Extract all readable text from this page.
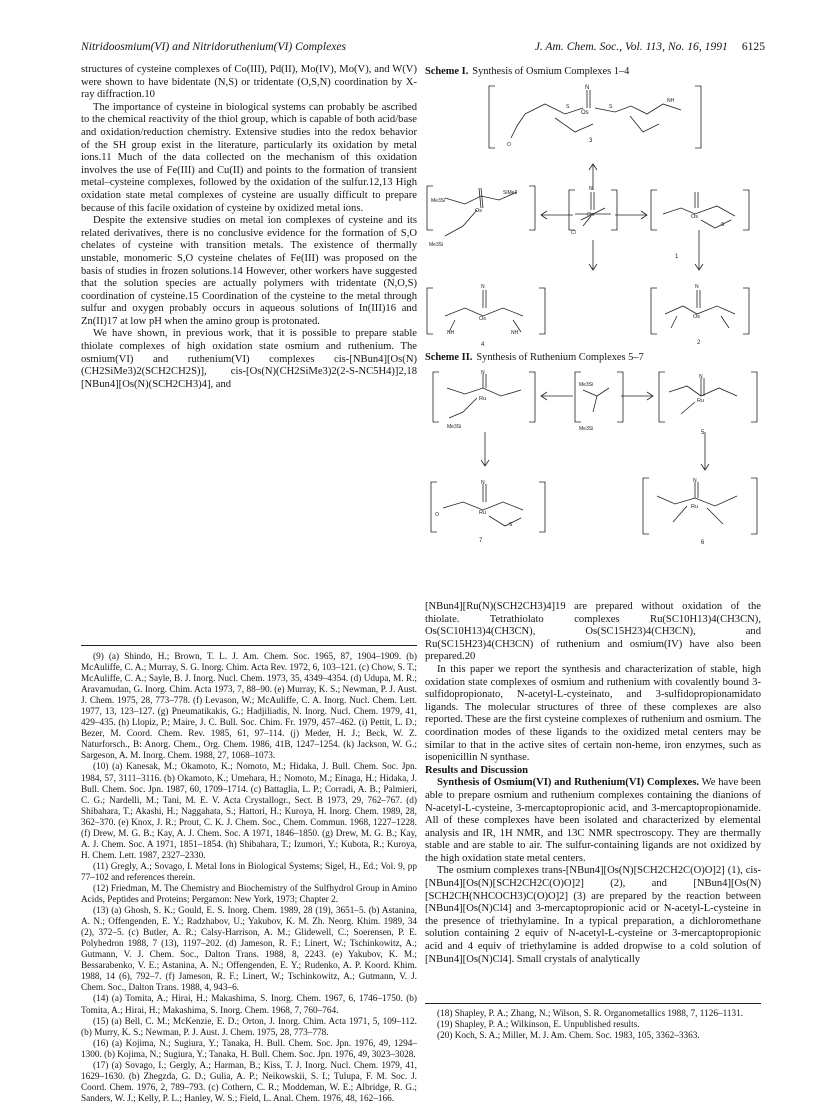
Nitridoosmium(VI) and Nitridoruthenium(VI) Complexes	J. Am. Chem. Soc., Vol. 113, No. 16, 1991 6125

structures of cysteine complexes of Co(III), Pd(II), Mo(IV), Mo(V), and W(V) were shown to have bidentate (N,S) or tridentate (O,S,N) coordination by X-ray diffraction.10

The importance of cysteine in biological systems can probably be ascribed to the chemical reactivity of the thiol group, which is capable of both acid/base and oxidation/reduction chemistry. Extensive studies into the redox behavior of the SH group exist in the literature, particularly its oxidation by metal ions.11 Much of the data collected on the mechanism of this oxidation involves the use of Fe(III) and Cu(II) and points to the formation of transient metal–cysteine complexes, followed by the oxidation of the sulfur.12,13 High oxidation state metal complexes of cysteine are usually difficult to prepare because of this facile oxidation of cysteine by oxidized metal ions.

Despite the extensive studies on metal ion complexes of cysteine and its related derivatives, there is no conclusive evidence for the formation of S,O chelates of cysteine with transition metals. The existence of thermally unstable, monomeric S,O cysteine chelates of Fe(III) was proposed on the basis of studies in frozen solutions.14 However, other workers have suggested that the solution species are actually polymers with tridentate (N,O,S) coordination of cysteine.15 Coordination of the cysteine to the metal through sulfur and oxygen probably occurs in aqueous solutions of In(III)16 and Zn(II)17 at low pH when the amino group is protonated.

We have shown, in previous work, that it is possible to prepare stable thiolate complexes of high oxidation state osmium and ruthenium. The osmium(VI) and ruthenium(VI) complexes cis-[NBun4][Os(N)(CH2SiMe3)2(SCH2CH2S)], cis-[Os(N)(CH2SiMe3)2(2-S-NC5H4)]2,18 [NBun4][Os(N)(SCH2CH3)4], and

(9) (a) Shindo, H.; Brown, T. L. J. Am. Chem. Soc. 1965, 87, 1904–1909. (b) McAuliffe, C. A.; Murray, S. G. Inorg. Chim. Acta Rev. 1972, 6, 103–121. (c) Chow, S. T.; McAuliffe, C. A.; Sayle, B. J. Inorg. Nucl. Chem. 1973, 35, 4349–4354. (d) Udupa, M. R.; Aravamudan, G. Inorg. Chim. Acta 1973, 7, 88–90. (e) Murray, K. S.; Newman, P. J. Aust. J. Chem. 1975, 28, 773–778. (f) Levason, W.; McAuliffe, C. A. Inorg. Nucl. Chem. Lett. 1977, 13, 123–127. (g) Pneumatikakis, G.; Hadjiliadis, N. Inorg. Nucl. Chem. 1979, 41, 429–435. (h) Llopiz, P.; Maire, J. C. Bull. Soc. Chim. Fr. 1979, 457–462. (i) Pettit, L. D.; Bezer, M. Coord. Chem. Rev. 1985, 61, 97–114. (j) Meder, H. J.; Beck, W. Z. Naturforsch., B: Anorg. Chem., Org. Chem. 1986, 41B, 1247–1254. (k) Jackson, W. G.; Sargeson, A. M. Inorg. Chem. 1988, 27, 1068–1073.

(10) (a) Kanesak, M.; Okamoto, K.; Nomoto, M.; Hidaka, J. Bull. Chem. Soc. Jpn. 1984, 57, 3111–3116. (b) Okamoto, K.; Umehara, H.; Nomoto, M.; Einaga, H.; Hidaka, J. Bull. Chem. Soc. Jpn. 1987, 60, 1709–1714. (c) Battaglia, L. P.; Corradi, A. B.; Palmieri, C. G.; Nardelli, M.; Tani, M. E. V. Acta Crystallogr., Sect. B 1973, 29, 762–767. (d) Shibahara, T.; Akashi, H.; Naggahata, S.; Hattori, H.; Kuroya, H. Inorg. Chem. 1989, 28, 362–370. (e) Knox, J. R.; Prout, C. K. J. Chem. Soc., Chem. Commun. 1968, 1227–1228. (f) Drew, M. G. B.; Kay, A. J. Chem. Soc. A 1971, 1846–1850. (g) Drew, M. G. B.; Kay, A. J. Chem. Soc. A 1971, 1851–1854. (h) Shibahara, T.; Izumori, Y.; Kubota, R.; Kuroya, H. Chem. Lett. 1987, 2327–2330.

(11) Gregly, A.; Sovago, I. Metal Ions in Biological Systems; Sigel, H., Ed.; Vol. 9, pp 77–102 and references therein.

(12) Friedman, M. The Chemistry and Biochemistry of the Sulfhydrol Group in Amino Acids, Peptides and Proteins; Pergamon: New York, 1973; Chapter 2.

(13) (a) Ghosh, S. K.; Gould, E. S. Inorg. Chem. 1989, 28 (19), 3651–5. (b) Astanina, A. N.; Offengenden, E. Y.; Radzhabov, U.; Yakubov, K. M. Zh. Neorg. Khim. 1989, 34 (2), 372–5. (c) Butler, A. R.; Calsy-Harrison, A. M.; Glidewell, C.; Soerensen, P. E. Polyhedron 1988, 7 (13), 1197–202. (d) Jameson, R. F.; Linert, W.; Tschinkowitz, A.; Gutmann, V. J. Chem. Soc., Dalton Trans. 1988, 8, 2243. (e) Yakubov, K. M.; Bessarabenko, V. E.; Astanina, A. N.; Offengenden, E. Y.; Rudenko, A. P. Koord. Khim. 1988, 14 (6), 792–7. (f) Jameson, R. F.; Linert, W.; Tschinkowitz, A.; Gutmann, V. J. Chem. Soc., Dalton Trans. 1988, 4, 943–6.

(14) (a) Tomita, A.; Hirai, H.; Makashima, S. Inorg. Chem. 1967, 6, 1746–1750. (b) Tomita, A.; Hirai, H.; Makashima, S. Inorg. Chem. 1968, 7, 760–764.

(15) (a) Bell, C. M.; McKenzie, E. D.; Orton, J. Inorg. Chim. Acta 1971, 5, 109–112. (b) Murry, K. S.; Newman, P. J. Aust. J. Chem. 1975, 28, 773–778.

(16) (a) Kojima, N.; Sugiura, Y.; Tanaka, H. Bull. Chem. Soc. Jpn. 1976, 49, 1294–1300. (b) Kojima, N.; Sugiura, Y.; Tanaka, H. Bull. Chem. Soc. Jpn. 1976, 49, 3023–3028.

(17) (a) Sovago, I.; Gergly, A.; Harman, B.; Kiss, T. J. Inorg. Nucl. Chem. 1979, 41, 1629–1630. (b) Zhegzda, G. D.; Gulia, A. P.; Neikowskii, S. I.; Tulupa, F. M. Soc. J. Coord. Chem. 1976, 2, 789–793. (c) Cothern, C. R.; Moddeman, W. E.; Albridge, R. G.; Sanders, W. J.; Kelly, P. L.; Hanley, W. S.; Field, L. Anal. Chem. 1976, 48, 162–166.

Scheme I. Synthesis of Osmium Complexes 1–4
Os
N
S	S
NH
O
3
Me3Si
SiMe3
Os
Me3Si
Os
N
Cl
Os
S
Os
N
NH	NH
4
Os
N
2
1
Scheme II. Synthesis of Ruthenium Complexes 5–7
Ru
N
Me3Si
Me3Si
Me3Si
Ru
N
5
Ru
N
O
S
7
Ru
N
6

[NBun4][Ru(N)(SCH2CH3)4]19 are prepared without oxidation of the thiolate. Tetrathiolato complexes Ru(SC10H13)4(CH3CN), Os(SC10H13)4(CH3CN), Os(SC15H23)4(CH3CN), and Ru(SC15H23)4(CH3CN) of ruthenium and osmium(IV) have also been prepared.20

In this paper we report the synthesis and characterization of stable, high oxidation state complexes of osmium and ruthenium with covalently bound 3-sulfidopropionato, N-acetyl-L-cysteinato, and 3-sulfidopropionamidato ligands. The molecular structures of three of these complexes are also reported. These are the first cysteine complexes of ruthenium and osmium. The coordination modes of these ligands to the oxidized metal centers may be similar to that in the active sites of certain non-heme, iron enzymes, such as isopenicillin N synthase.

Results and Discussion

Synthesis of Osmium(VI) and Ruthenium(VI) Complexes. We have been able to prepare osmium and ruthenium complexes containing the dianions of N-acetyl-L-cysteine, 3-mercaptopropionic acid, and 3-mercaptopropionamide. All of these complexes have been isolated and characterized by elemental analysis and IR, 1H NMR, and 13C NMR spectroscopy. They are thermally stable and are stable to air. The sulfur-containing ligands are not oxidized by the high oxidation state metal centers.

The osmium complexes trans-[NBun4][Os(N)[SCH2CH2C(O)O]2] (1), cis-[NBun4][Os(N)[SCH2CH2C(O)O]2] (2), and [NBun4][Os(N)[SCH2CH(NHCOCH3)C(O)O]2] (3) are prepared by the reaction between [NBun4][Os(N)Cl4] and 3-mercaptopropionic acid or N-acetyl-L-cysteine in the presence of triethylamine. In a typical preparation, a dichloromethane solution containing 2 equiv of N-acetyl-L-cysteine or 3-mercaptopropionic acid and 4 equiv of triethylamine is added dropwise to a cold solution of [NBun4][Os(N)Cl4]. Small crystals of analytically

(18) Shapley, P. A.; Zhang, N.; Wilson, S. R. Organometallics 1988, 7, 1126–1131.

(19) Shapley, P. A.; Wilkinson, E. Unpublished results.

(20) Koch, S. A.; Miller, M. J. Am. Chem. Soc. 1983, 105, 3362–3363.
